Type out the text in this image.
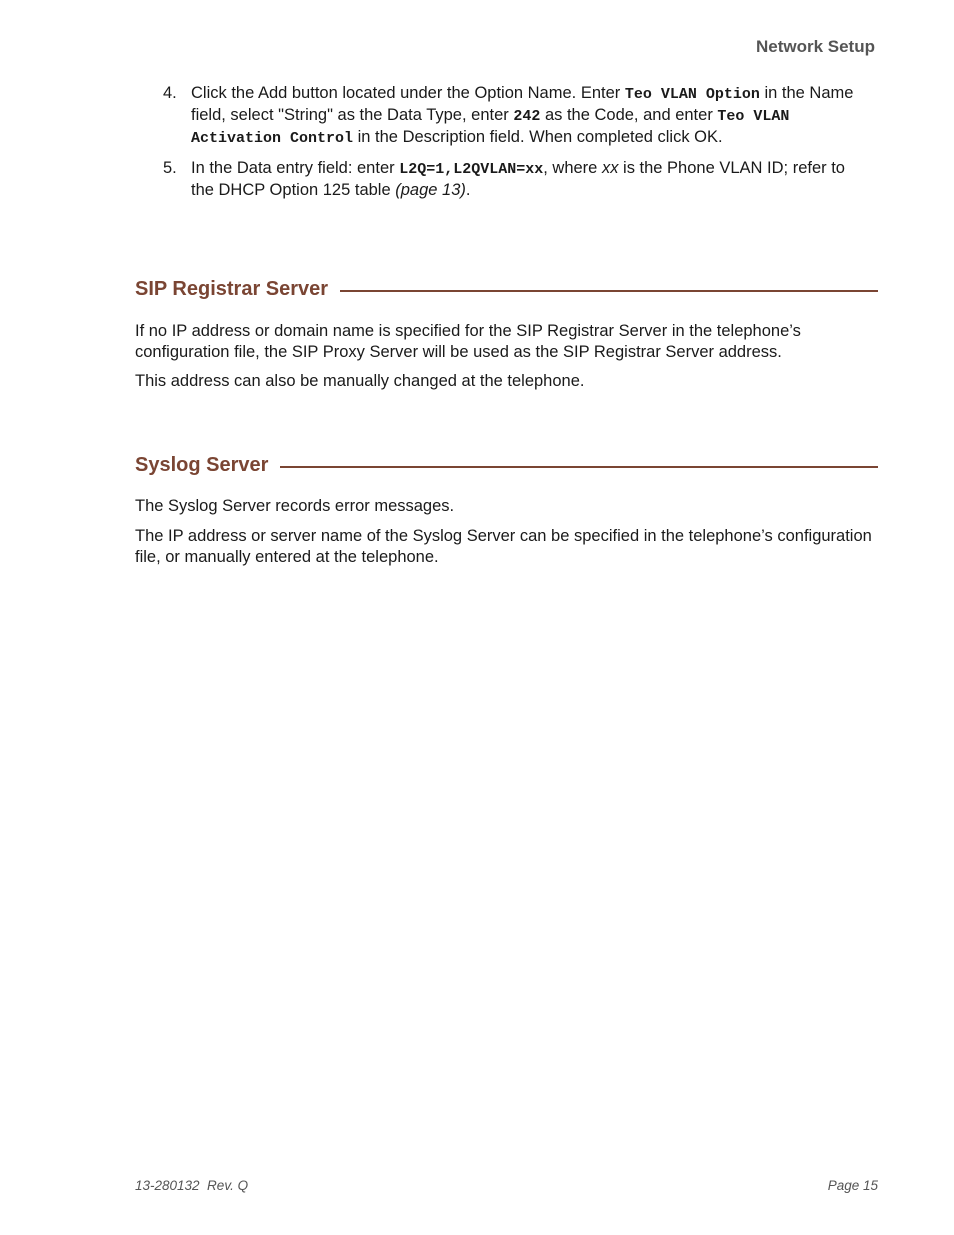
Network Setup
4. Click the Add button located under the Option Name. Enter Teo VLAN Option in the Name field, select "String" as the Data Type, enter 242 as the Code, and enter Teo VLAN Activation Control in the Description field. When completed click OK.
5. In the Data entry field: enter L2Q=1,L2QVLAN=xx, where xx is the Phone VLAN ID; refer to the DHCP Option 125 table (page 13).
SIP Registrar Server

If no IP address or domain name is specified for the SIP Registrar Server in the telephone’s configuration file, the SIP Proxy Server will be used as the SIP Registrar Server address.

This address can also be manually changed at the telephone.

Syslog Server

The Syslog Server records error messages.

The IP address or server name of the Syslog Server can be specified in the telephone’s configuration file, or manually entered at the telephone.

13-280132  Rev. Q	Page 15
